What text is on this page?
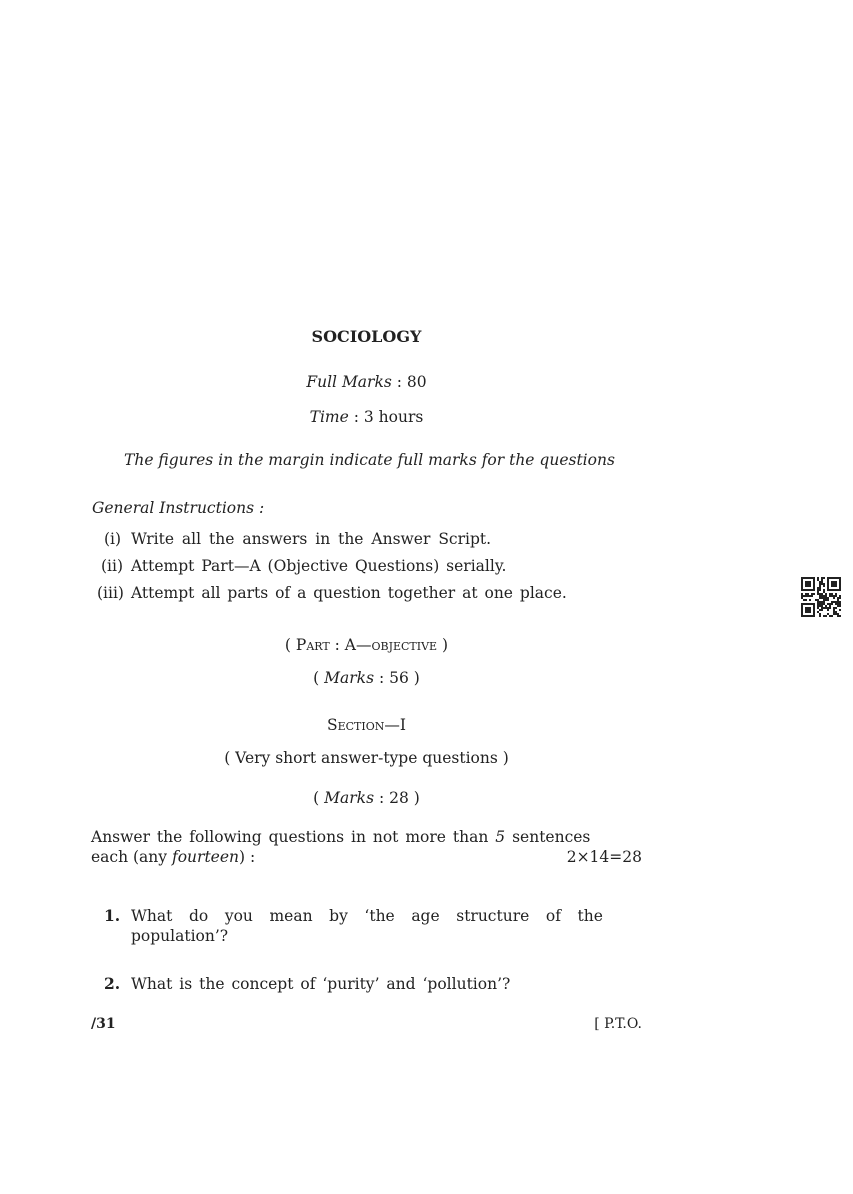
SOCIOLOGY
Full Marks : 80
Time : 3 hours
The figures in the margin indicate full marks for the questions
General Instructions :
(i) Write all the answers in the Answer Script.
(ii) Attempt Part—A (Objective Questions) serially.
(iii) Attempt all parts of a question together at one place.
( Part : A—objective )
( Marks : 56 )
Section—I
( Very short answer-type questions )
( Marks : 28 )
Answer the following questions in not more than 5 sentences
each (any fourteen) :	2×14=28
1. What do you mean by ‘the age structure of the
population’?
2. What is the concept of ‘purity’ and ‘pollution’?
/31	[ P.T.O.
